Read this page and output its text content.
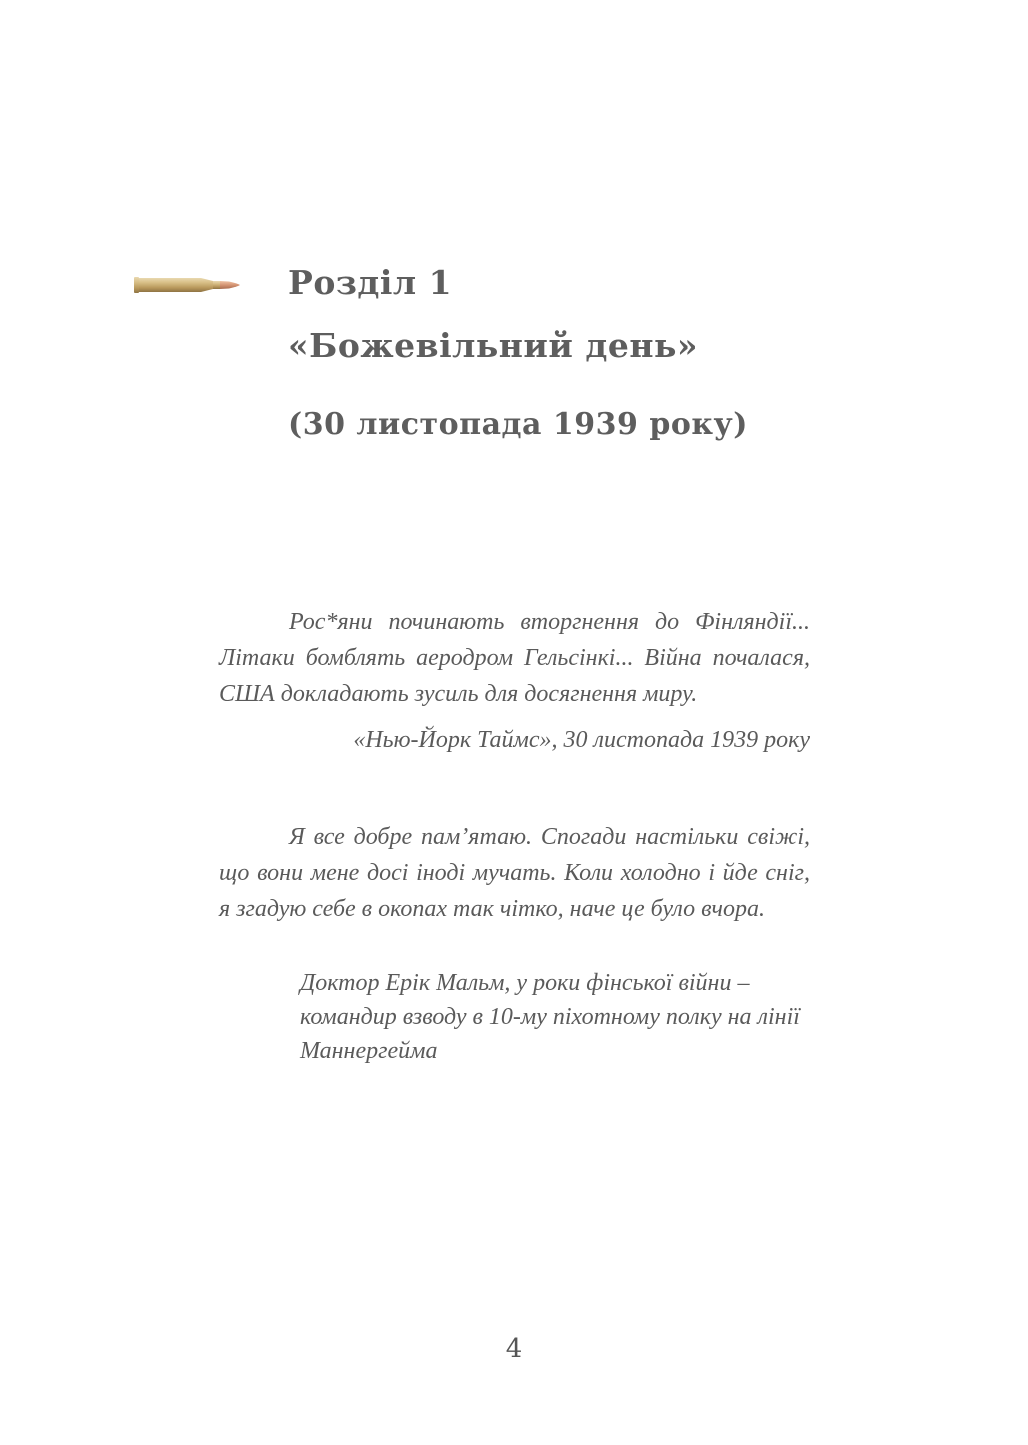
Розділ 1
«Божевільний день»
(30 листопада 1939 року)

Рос*яни починають вторгнення до Фінляндії... Літаки бомблять аеродром Гельсінкі... Війна почалася, США докладають зусиль для досягнення миру.

«Нью-Йорк Таймс», 30 листопада 1939 року

Я все добре пам’ятаю. Спогади настільки свіжі, що вони мене досі іноді мучать. Коли холодно і йде сніг, я згадую себе в окопах так чітко, наче це було вчора.

Доктор Ерік Мальм, у роки фінської війни – командир взводу в 10-му піхотному полку на лінії Маннергейма

4
